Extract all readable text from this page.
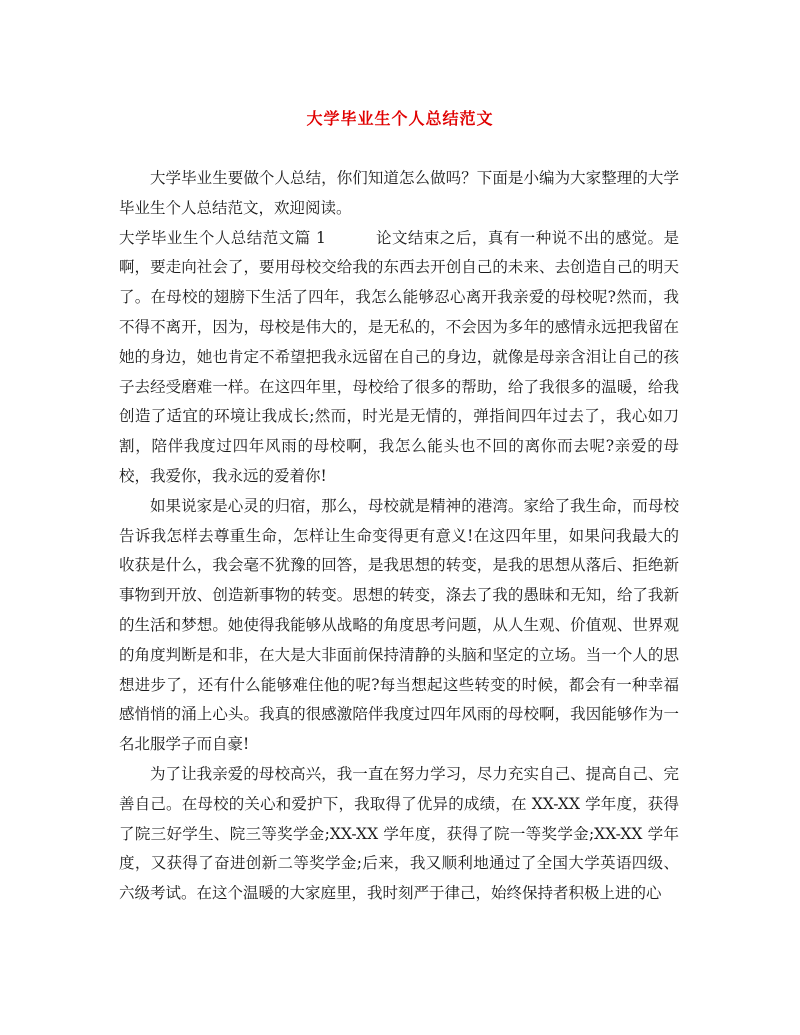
大学毕业生个人总结范文

大学毕业生要做个人总结，你们知道怎么做吗？下面是小编为大家整理的大学毕业生个人总结范文，欢迎阅读。

大学毕业生个人总结范文篇 1	论文结束之后，真有一种说不出的感觉。是啊，要走向社会了，要用母校交给我的东西去开创自己的未来、去创造自己的明天了。在母校的翅膀下生活了四年，我怎么能够忍心离开我亲爱的母校呢?然而，我不得不离开，因为，母校是伟大的，是无私的，不会因为多年的感情永远把我留在她的身边，她也肯定不希望把我永远留在自己的身边，就像是母亲含泪让自己的孩子去经受磨难一样。在这四年里，母校给了很多的帮助，给了我很多的温暖，给我创造了适宜的环境让我成长;然而，时光是无情的，弹指间四年过去了，我心如刀割，陪伴我度过四年风雨的母校啊，我怎么能头也不回的离你而去呢?亲爱的母校，我爱你，我永远的爱着你!

如果说家是心灵的归宿，那么，母校就是精神的港湾。家给了我生命，而母校告诉我怎样去尊重生命，怎样让生命变得更有意义!在这四年里，如果问我最大的收获是什么，我会毫不犹豫的回答，是我思想的转变，是我的思想从落后、拒绝新事物到开放、创造新事物的转变。思想的转变，涤去了我的愚昧和无知，给了我新的生活和梦想。她使得我能够从战略的角度思考问题，从人生观、价值观、世界观的角度判断是和非，在大是大非面前保持清静的头脑和坚定的立场。当一个人的思想进步了，还有什么能够难住他的呢?每当想起这些转变的时候，都会有一种幸福感悄悄的涌上心头。我真的很感激陪伴我度过四年风雨的母校啊，我因能够作为一名北服学子而自豪!

为了让我亲爱的母校高兴，我一直在努力学习，尽力充实自己、提高自己、完善自己。在母校的关心和爱护下，我取得了优异的成绩，在 XX-XX 学年度，获得了院三好学生、院三等奖学金;XX-XX 学年度，获得了院一等奖学金;XX-XX 学年度，又获得了奋进创新二等奖学金;后来，我又顺利地通过了全国大学英语四级、六级考试。在这个温暖的大家庭里，我时刻严于律己，始终保持者积极上进的心
